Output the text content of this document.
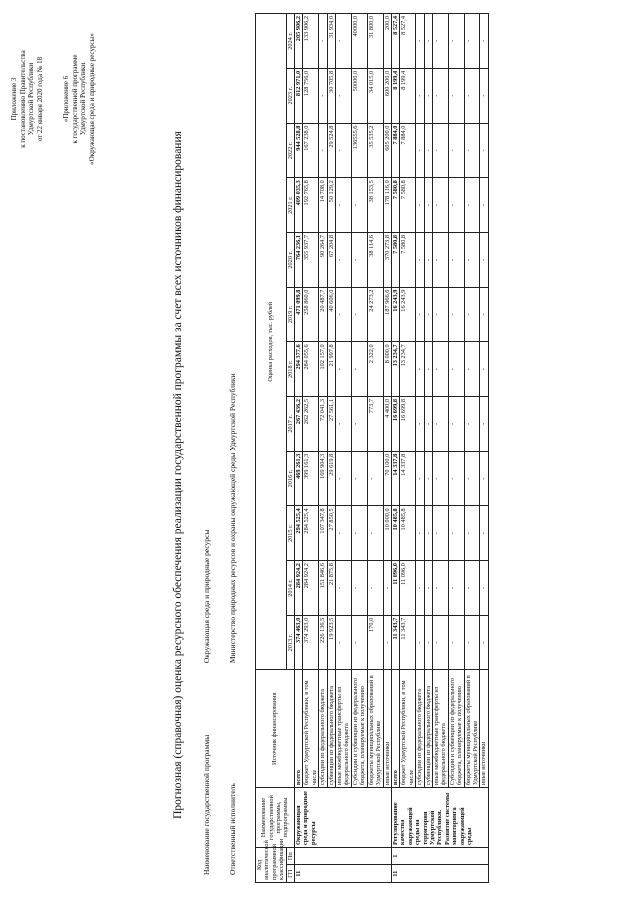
Приложение 3 к постановлению Правительства Удмуртской Республики от 22 января 2020 года № 18	«Приложение 6 к государственной программе Удмуртской Республики «Окружающая среда и природные ресурсы»
Прогнозная (справочная) оценка ресурсного обеспечения реализации государственной программы за счет всех источников финансирования Наименование государственной программы Окружающая среда и природные ресурсы
Ответственный исполнитель Министерство природных ресурсов и охраны окружающей среды Удмуртской Республики
Код аналитической программной классификации		Наименование государственной программы, подпрограммы	Источник финансирования	Оценка расходов, тыс. рублей											
ГП	Пп			2013 г.	2014 г.	2015 г.	2016 г.	2017 г.	2018 г.	2019 г.	2020 г.	2021 г.	2022 г.	2023 г.	2024 г.
11		Окружающая среда и природные ресурсы	всего	374 463,0	284 924,2	294 525,4	469 261,3	267 436,2	294 377,6	471 099,8	764 236,1	409 035,3	944 528,8	812 971,0	205 906,2
			бюджет Удмуртской Республики, в том числе	374 293,0	284 924,2	284 525,4	399 161,3	262 262,5	284 055,6	258 860,0	355 937,7	192 765,8	167 238,0	128 756,0	133 906,2
			субсидии из федерального бюджета	226 136,5	151 846,6	107 347,8	169 904,3	72 041,3	102 157,0	20 487,7	90 264,7	14 708,0	-	-	-
			субвенции из федерального бюджета	19 923,5	21 875,8	27 850,5	29 619,8	27 561,1	21 997,8	40 606,0	67 204,8	50 129,2	29 524,8	30 705,8	31 934,0
			иные межбюджетные трансферты из федерального бюджета	-	-	-	-	-	-	-	-	-	-	-	-
			Субсидии и субвенции из федерального бюджета, планируемые к получению	-	-	-	-	-	-	-	-	-	136555,6	50000,0	40000,0
			бюджеты муниципальных образований в Удмуртской Республике	170,0	-	-	-	773,7	2 322,0	24 273,2	38 114,6	38 153,5	35 535,2	34 015,0	31 800,0
			иные источники	-	-	10 000,0	70 100,0	4 400,0	8 000,0	187 966,6	370 273,8	178 116,0	605 200,0	600 200,0	200,0
11	1	Регулирование качества окружающей среды на территории Удмуртской Республики. Развитие системы мониторинга окружающей среды	всего	11 343,7	11 096,0	10 485,8	14 337,8	16 699,8	13 234,7	16 243,9	7 580,8	7 580,8	7 884,0	8 199,4	8 527,4
			бюджет Удмуртской Республики, в том числе	11 343,7	11 096,0	10 485,8	14 337,8	16 699,8	13 234,7	16 243,9	7 580,8	7 580,8	7 884,0	8 199,4	8 527,4
			субсидии из федерального бюджета	-	-	-	-	-	-	-	-	-	-	-	-
			субвенции из федерального бюджета	-	-	-	-	-	-	-	-	-	-	-	-
			иные межбюджетные трансферты из федерального бюджета	-	-	-	-	-	-	-	-	-	-	-	-
			Субсидии и субвенции из федерального бюджета, планируемые к получению	-	-	-	-	-	-	-	-	-	-	-	-
			бюджеты муниципальных образований в Удмуртской Республике	-	-	-	-	-	-	-	-	-	-	-	-
			иные источники	-	-	-	-	-	-	-	-	-	-	-	-
